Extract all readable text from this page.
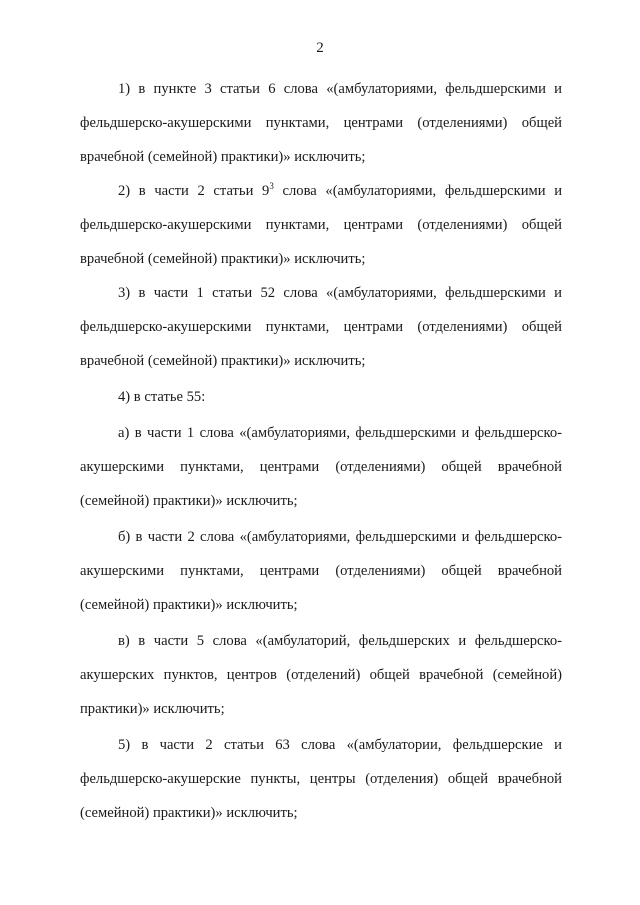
2

1) в пункте 3 статьи 6 слова «(амбулаториями, фельдшерскими и фельдшерско-акушерскими пунктами, центрами (отделениями) общей врачебной (семейной) практики)» исключить;

2) в части 2 статьи $9^3$ слова «(амбулаториями, фельдшерскими и фельдшерско-акушерскими пунктами, центрами (отделениями) общей врачебной (семейной) практики)» исключить;

3) в части 1 статьи 52 слова «(амбулаториями, фельдшерскими и фельдшерско-акушерскими пунктами, центрами (отделениями) общей врачебной (семейной) практики)» исключить;

4) в статье 55:

а) в части 1 слова «(амбулаториями, фельдшерскими и фельдшерско-акушерскими пунктами, центрами (отделениями) общей врачебной (семейной) практики)» исключить;

б) в части 2 слова «(амбулаториями, фельдшерскими и фельдшерско-акушерскими пунктами, центрами (отделениями) общей врачебной (семейной) практики)» исключить;

в) в части 5 слова «(амбулаторий, фельдшерских и фельдшерско-акушерских пунктов, центров (отделений) общей врачебной (семейной) практики)» исключить;

5) в части 2 статьи 63 слова «(амбулатории, фельдшерские и фельдшерско-акушерские пункты, центры (отделения) общей врачебной (семейной) практики)» исключить;
